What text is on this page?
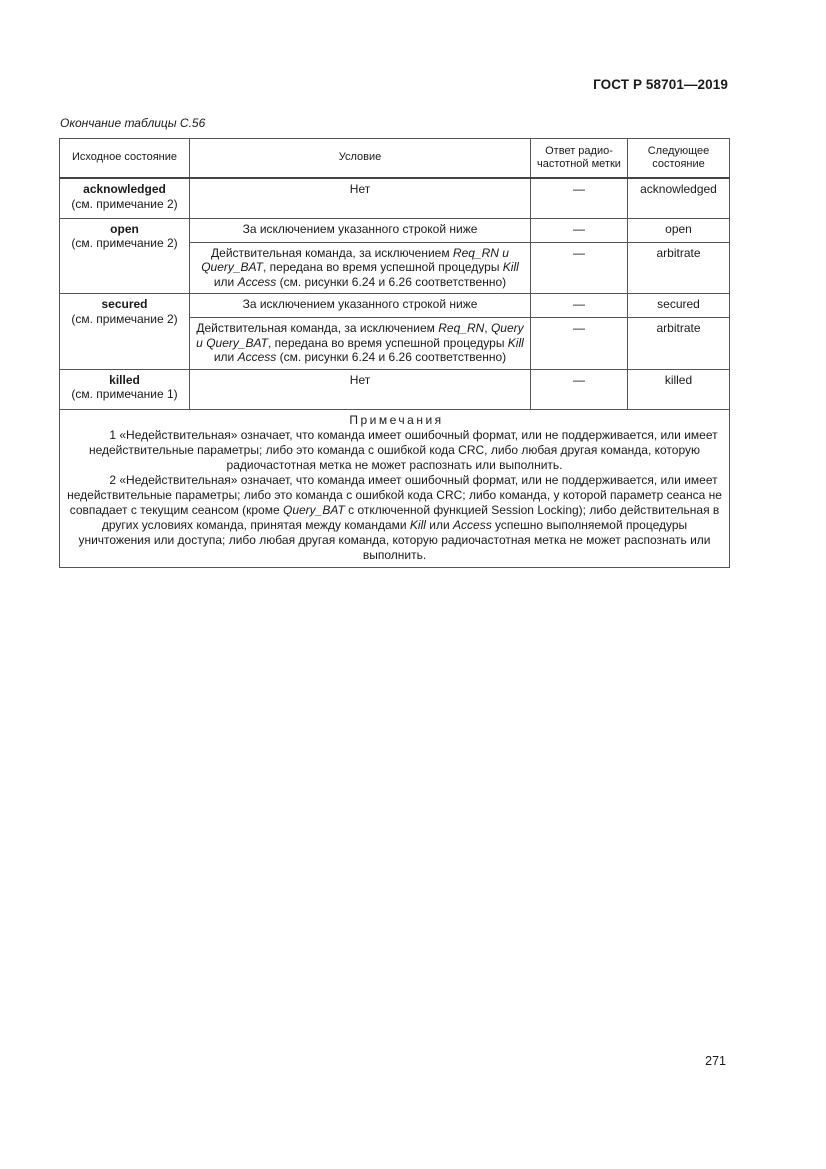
ГОСТ Р 58701—2019
Окончание таблицы С.56
Исходное состояние	Условие	Ответ радио-частотной метки	Следующее состояние

acknowledged
(см. примечание 2)	Нет	—	acknowledged

open
(см. примечание 2)	За исключением указанного строкой ниже	—	open
	Действительная команда, за исключением Req_RN и Query_BAT, передана во время успешной процедуры Kill или Access (см. рисунки 6.24 и 6.26 соответственно)	—	arbitrate

secured
(см. примечание 2)	За исключением указанного строкой ниже	—	secured
	Действительная команда, за исключением Req_RN, Query и Query_BAT, передана во время успешной процедуры Kill или Access (см. рисунки 6.24 и 6.26 соответственно)	—	arbitrate

killed
(см. примечание 1)	Нет	—	killed

Примечания
1 «Недействительная» означает, что команда имеет ошибочный формат, или не поддерживается, или имеет недействительные параметры; либо это команда с ошибкой кода CRC, либо любая другая команда, которую радиочастотная метка не может распознать или выполнить.
2 «Недействительная» означает, что команда имеет ошибочный формат, или не поддерживается, или имеет недействительные параметры; либо это команда с ошибкой кода CRC; либо команда, у которой параметр сеанса не совпадает с текущим сеансом (кроме Query_BAT с отключенной функцией Session Locking); либо действительная в других условиях команда, принятая между командами Kill или Access успешно выполняемой процедуры уничтожения или доступа; либо любая другая команда, которую радиочастотная метка не может распознать или выполнить.			
271
